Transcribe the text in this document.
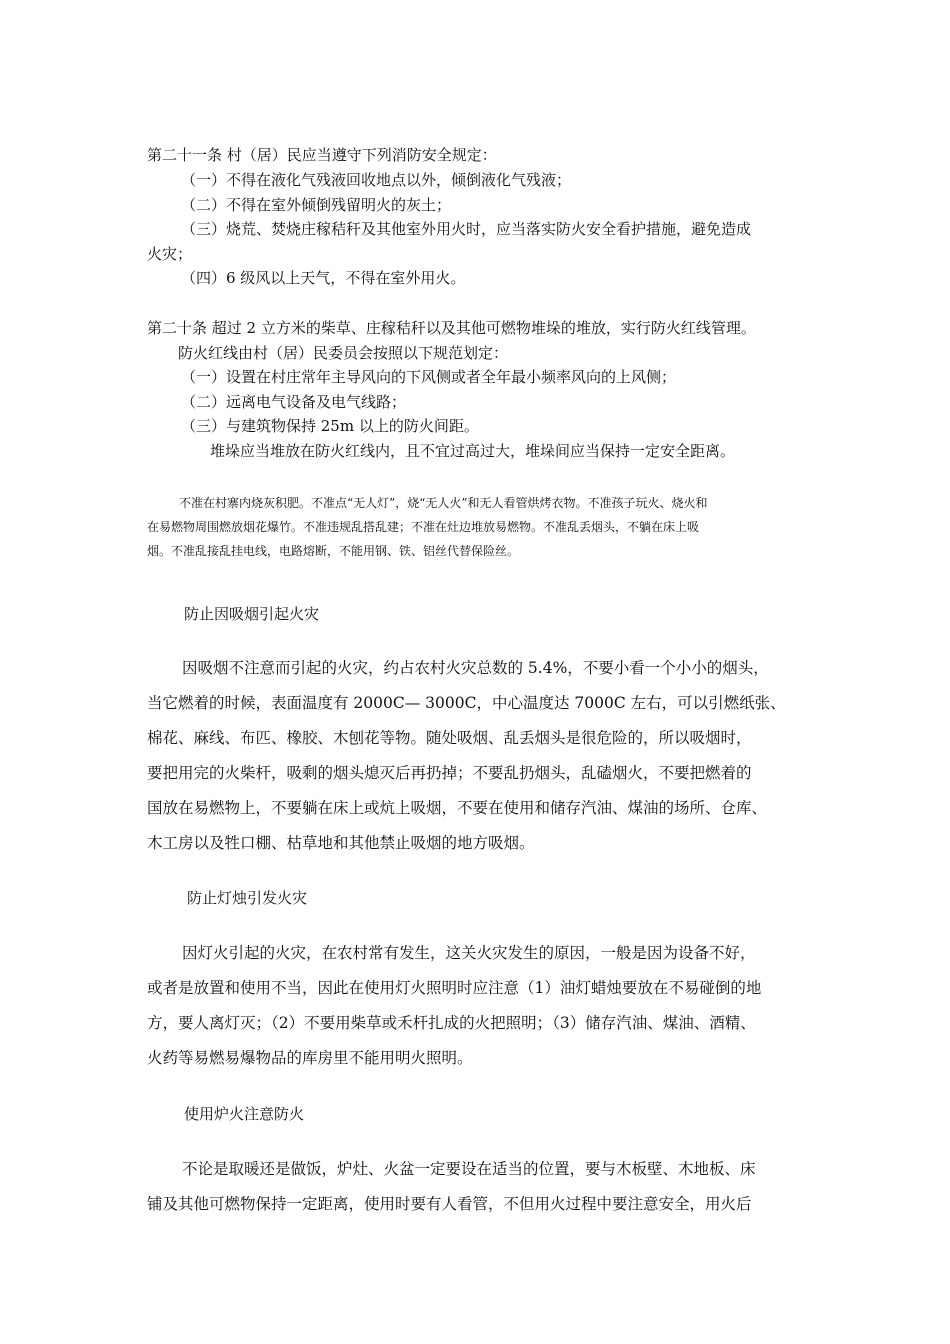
第二十一条 村（居）民应当遵守下列消防安全规定：
（一）不得在液化气残液回收地点以外，倾倒液化气残液；
（二）不得在室外倾倒残留明火的灰土；
（三）烧荒、焚烧庄稼秸秆及其他室外用火时，应当落实防火安全看护措施，避免造成
火灾；
（四）6 级风以上天气，不得在室外用火。
第二十条 超过 2 立方米的柴草、庄稼秸秆以及其他可燃物堆垛的堆放，实行防火红线管理。
防火红线由村（居）民委员会按照以下规范划定：
（一）设置在村庄常年主导风向的下风侧或者全年最小频率风向的上风侧；
（二）远离电气设备及电气线路；
（三）与建筑物保持 25m 以上的防火间距。
堆垛应当堆放在防火红线内，且不宜过高过大，堆垛间应当保持一定安全距离。
不准在村寨内烧灰积肥。不准点“无人灯”，烧“无人火”和无人看管烘烤衣物。不准孩子玩火、烧火和
在易燃物周围燃放烟花爆竹。不准违规乱搭乱建；不准在灶边堆放易燃物。不准乱丢烟头，不躺在床上吸
烟。不准乱接乱挂电线，电路熔断，不能用钢、铁、铝丝代替保险丝。
防止因吸烟引起火灾
因吸烟不注意而引起的火灾，约占农村火灾总数的 5.4%，不要小看一个小小的烟头，
当它燃着的时候，表面温度有 2000C— 3000C，中心温度达 7000C 左右，可以引燃纸张、
棉花、麻线、布匹、橡胶、木刨花等物。随处吸烟、乱丢烟头是很危险的，所以吸烟时，
要把用完的火柴杆，吸剩的烟头熄灭后再扔掉；不要乱扔烟头，乱磕烟火，不要把燃着的
国放在易燃物上，不要躺在床上或炕上吸烟，不要在使用和储存汽油、煤油的场所、仓库、
木工房以及牲口棚、枯草地和其他禁止吸烟的地方吸烟。
防止灯烛引发火灾
因灯火引起的火灾，在农村常有发生，这关火灾发生的原因，一般是因为设备不好，
或者是放置和使用不当，因此在使用灯火照明时应注意（1）油灯蜡烛要放在不易碰倒的地
方，要人离灯灭；（2）不要用柴草或禾杆扎成的火把照明；（3）储存汽油、煤油、酒精、
火药等易燃易爆物品的库房里不能用明火照明。
使用炉火注意防火
不论是取暖还是做饭，炉灶、火盆一定要设在适当的位置，要与木板壁、木地板、床
铺及其他可燃物保持一定距离，使用时要有人看管，不但用火过程中要注意安全，用火后
